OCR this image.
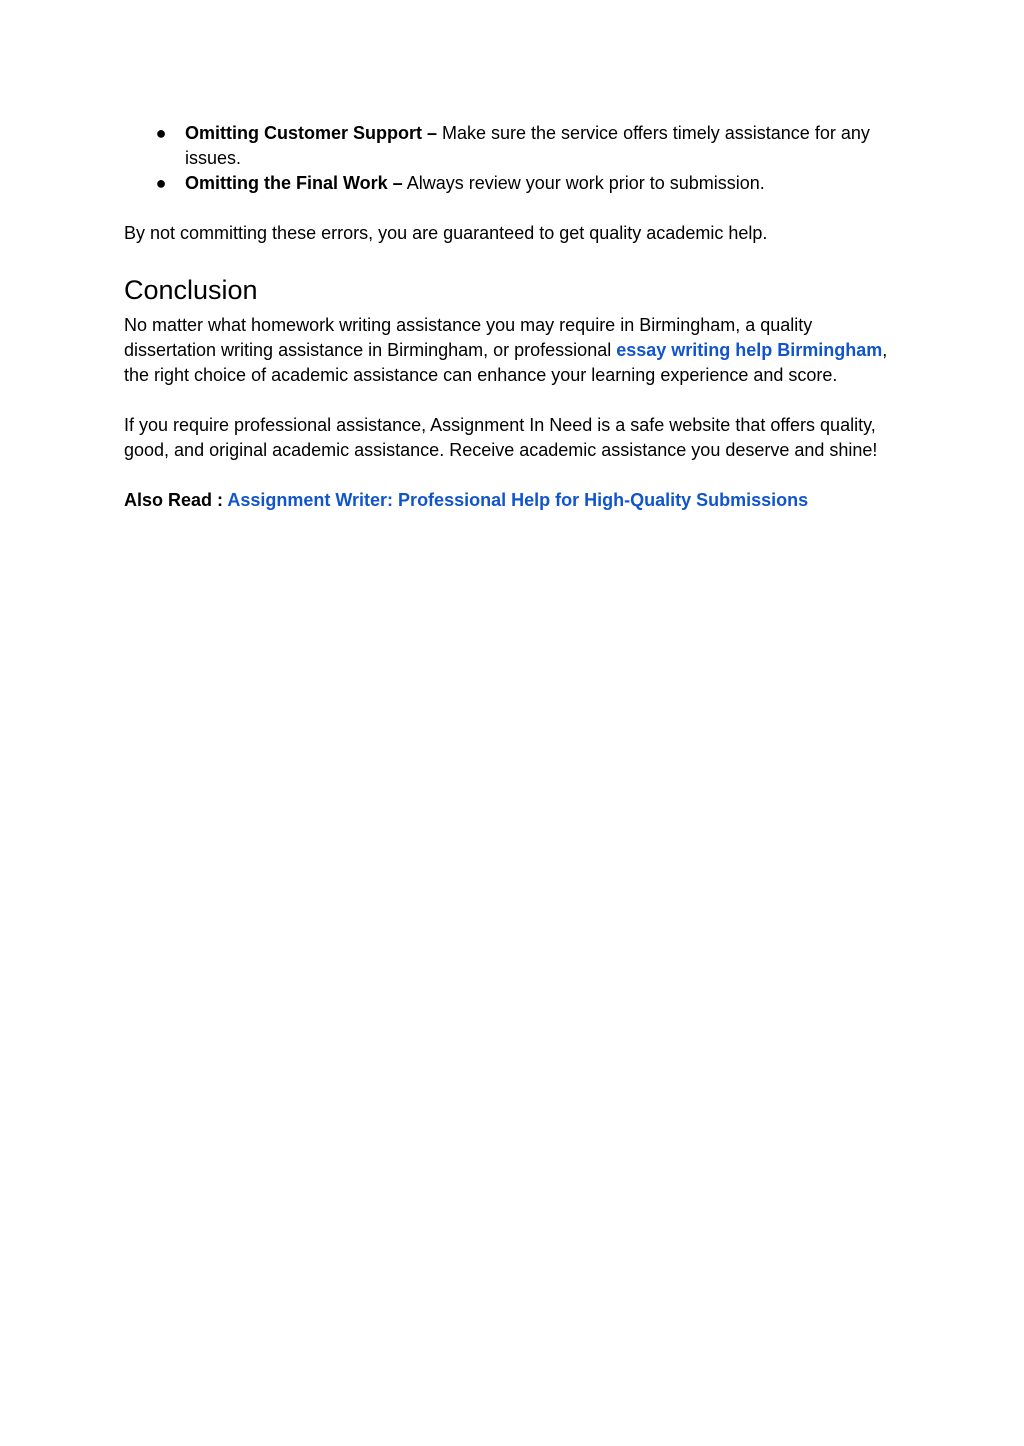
● Omitting Customer Support – Make sure the service offers timely assistance for any issues.
● Omitting the Final Work – Always review your work prior to submission.

By not committing these errors, you are guaranteed to get quality academic help.

Conclusion

No matter what homework writing assistance you may require in Birmingham, a quality dissertation writing assistance in Birmingham, or professional essay writing help Birmingham, the right choice of academic assistance can enhance your learning experience and score.

If you require professional assistance, Assignment In Need is a safe website that offers quality, good, and original academic assistance. Receive academic assistance you deserve and shine!

Also Read : Assignment Writer: Professional Help for High-Quality Submissions
